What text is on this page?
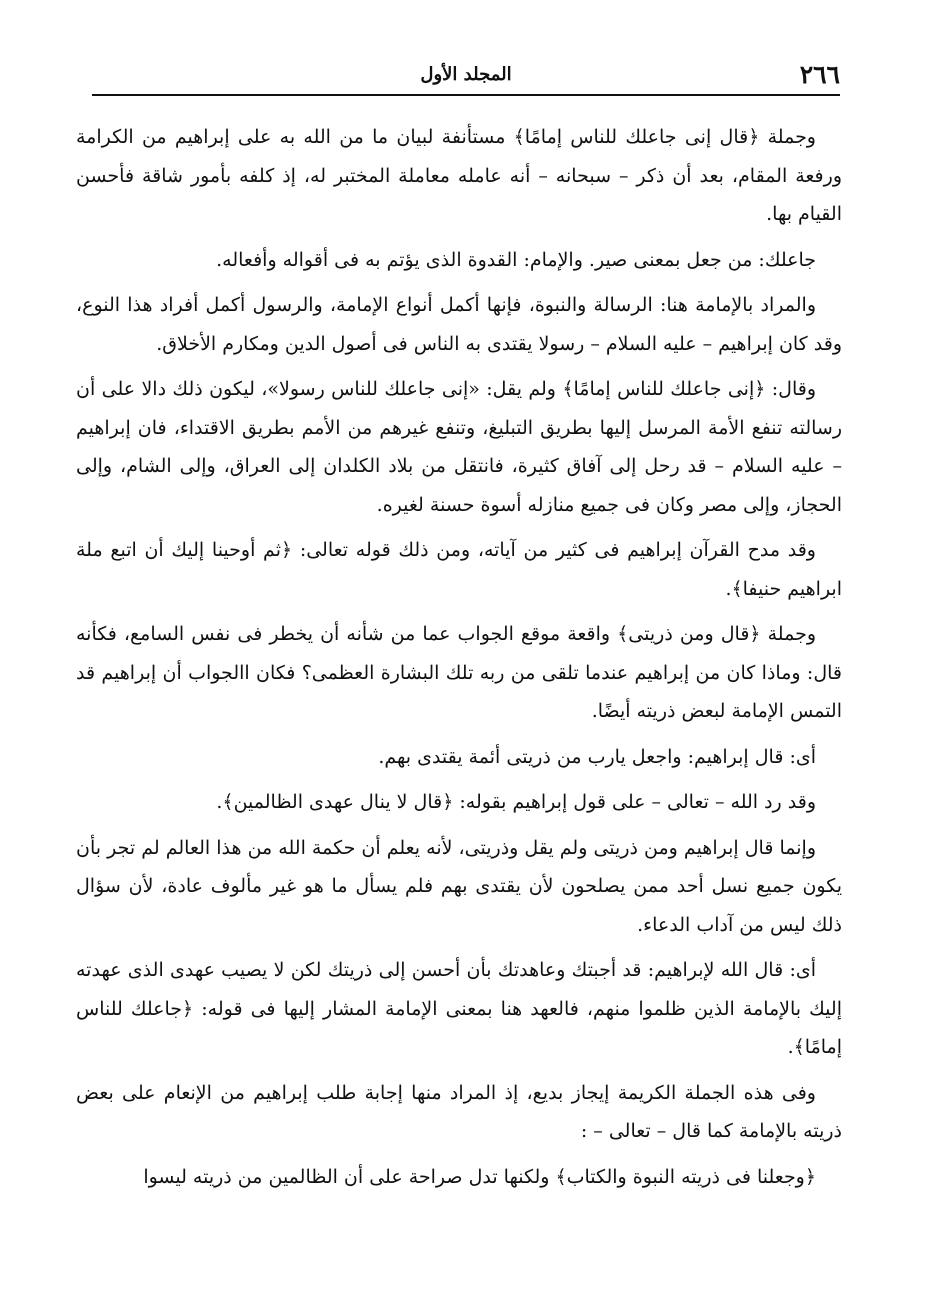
٢٦٦
المجلد الأول

وجملة ﴿قال إنى جاعلك للناس إمامًا﴾ مستأنفة لبيان ما من الله به على إبراهيم من الكرامة ورفعة المقام، بعد أن ذكر – سبحانه – أنه عامله معاملة المختبر له، إذ كلفه بأمور شاقة فأحسن القيام بها.

جاعلك: من جعل بمعنى صير. والإمام: القدوة الذى يؤتم به فى أقواله وأفعاله.

والمراد بالإمامة هنا: الرسالة والنبوة، فإنها أكمل أنواع الإمامة، والرسول أكمل أفراد هذا النوع، وقد كان إبراهيم – عليه السلام – رسولا يقتدى به الناس فى أصول الدين ومكارم الأخلاق.

وقال: ﴿إنى جاعلك للناس إمامًا﴾ ولم يقل: «إنى جاعلك للناس رسولا»، ليكون ذلك دالا على أن رسالته تنفع الأمة المرسل إليها بطريق التبليغ، وتنفع غيرهم من الأمم بطريق الاقتداء، فان إبراهيم – عليه السلام – قد رحل إلى آفاق كثيرة، فانتقل من بلاد الكلدان إلى العراق، وإلى الشام، وإلى الحجاز، وإلى مصر وكان فى جميع منازله أسوة حسنة لغيره.

وقد مدح القرآن إبراهيم فى كثير من آياته، ومن ذلك قوله تعالى: ﴿ثم أوحينا إليك أن اتبع ملة ابراهيم حنيفا﴾.

وجملة ﴿قال ومن ذريتى﴾ واقعة موقع الجواب عما من شأنه أن يخطر فى نفس السامع، فكأنه قال: وماذا كان من إبراهيم عندما تلقى من ربه تلك البشارة العظمى؟ فكان االجواب أن إبراهيم قد التمس الإمامة لبعض ذريته أيضًا.

أى: قال إبراهيم: واجعل يارب من ذريتى أئمة يقتدى بهم.

وقد رد الله – تعالى – على قول إبراهيم بقوله: ﴿قال لا ينال عهدى الظالمين﴾.

وإنما قال إبراهيم ومن ذريتى ولم يقل وذريتى، لأنه يعلم أن حكمة الله من هذا العالم لم تجر بأن يكون جميع نسل أحد ممن يصلحون لأن يقتدى بهم فلم يسأل ما هو غير مألوف عادة، لأن سؤال ذلك ليس من آداب الدعاء.

أى: قال الله لإبراهيم: قد أجبتك وعاهدتك بأن أحسن إلى ذريتك لكن لا يصيب عهدى الذى عهدته إليك بالإمامة الذين ظلموا منهم، فالعهد هنا بمعنى الإمامة المشار إليها فى قوله: ﴿جاعلك للناس إمامًا﴾.

وفى هذه الجملة الكريمة إيجاز بديع، إذ المراد منها إجابة طلب إبراهيم من الإنعام على بعض ذريته بالإمامة كما قال – تعالى – :

﴿وجعلنا فى ذريته النبوة والكتاب﴾ ولكنها تدل صراحة على أن الظالمين من ذريته ليسوا
